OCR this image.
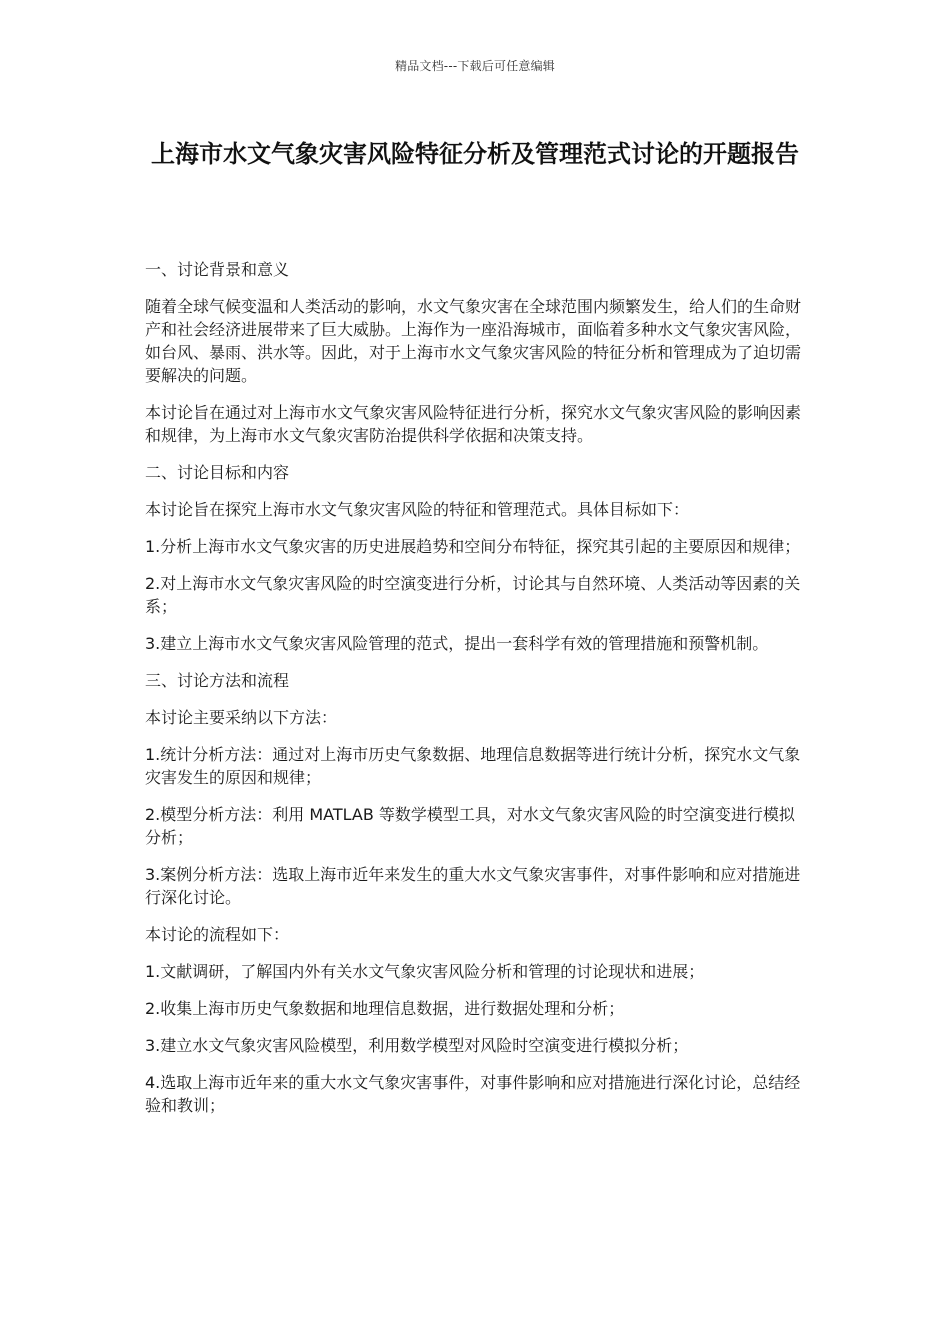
精品文档---下载后可任意编辑
上海市水文气象灾害风险特征分析及管理范式讨论的开题报告

一、讨论背景和意义

随着全球气候变温和人类活动的影响，水文气象灾害在全球范围内频繁发生，给人们的生命财产和社会经济进展带来了巨大威胁。上海作为一座沿海城市，面临着多种水文气象灾害风险，如台风、暴雨、洪水等。因此，对于上海市水文气象灾害风险的特征分析和管理成为了迫切需要解决的问题。

本讨论旨在通过对上海市水文气象灾害风险特征进行分析，探究水文气象灾害风险的影响因素和规律，为上海市水文气象灾害防治提供科学依据和决策支持。

二、讨论目标和内容

本讨论旨在探究上海市水文气象灾害风险的特征和管理范式。具体目标如下：

1.分析上海市水文气象灾害的历史进展趋势和空间分布特征，探究其引起的主要原因和规律；

2.对上海市水文气象灾害风险的时空演变进行分析，讨论其与自然环境、人类活动等因素的关系；

3.建立上海市水文气象灾害风险管理的范式，提出一套科学有效的管理措施和预警机制。

三、讨论方法和流程

本讨论主要采纳以下方法：

1.统计分析方法：通过对上海市历史气象数据、地理信息数据等进行统计分析，探究水文气象灾害发生的原因和规律；

2.模型分析方法：利用 MATLAB 等数学模型工具，对水文气象灾害风险的时空演变进行模拟分析；

3.案例分析方法：选取上海市近年来发生的重大水文气象灾害事件，对事件影响和应对措施进行深化讨论。

本讨论的流程如下：

1.文献调研，了解国内外有关水文气象灾害风险分析和管理的讨论现状和进展；

2.收集上海市历史气象数据和地理信息数据，进行数据处理和分析；

3.建立水文气象灾害风险模型，利用数学模型对风险时空演变进行模拟分析；

4.选取上海市近年来的重大水文气象灾害事件，对事件影响和应对措施进行深化讨论，总结经验和教训；
